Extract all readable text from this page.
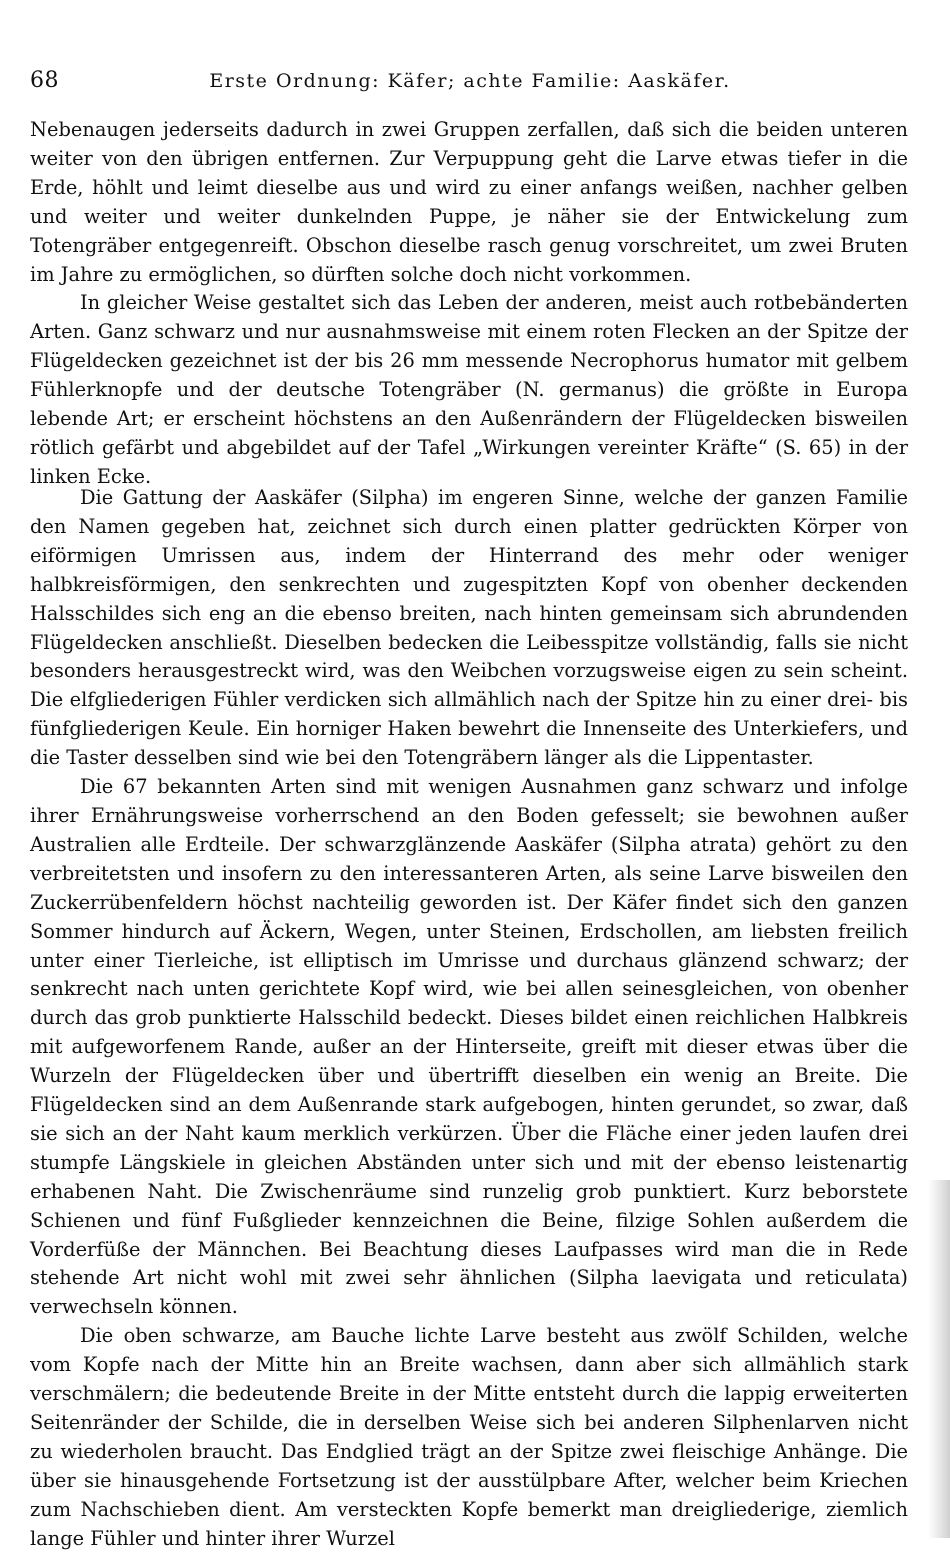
68	Erste Ordnung: Käfer; achte Familie: Aaskäfer.

Nebenaugen jederseits dadurch in zwei Gruppen zerfallen, daß sich die beiden unteren weiter von den übrigen entfernen. Zur Verpuppung geht die Larve etwas tiefer in die Erde, höhlt und leimt dieselbe aus und wird zu einer anfangs weißen, nachher gelben und weiter und weiter dunkelnden Puppe, je näher sie der Entwickelung zum Totengräber entgegenreift. Obschon dieselbe rasch genug vorschreitet, um zwei Bruten im Jahre zu ermöglichen, so dürften solche doch nicht vorkommen.

In gleicher Weise gestaltet sich das Leben der anderen, meist auch rotbebänderten Arten. Ganz schwarz und nur ausnahmsweise mit einem roten Flecken an der Spitze der Flügeldecken gezeichnet ist der bis 26 mm messende Necrophorus humator mit gelbem Fühlerknopfe und der deutsche Totengräber (N. germanus) die größte in Europa lebende Art; er erscheint höchstens an den Außenrändern der Flügeldecken bisweilen rötlich gefärbt und abgebildet auf der Tafel „Wirkungen vereinter Kräfte“ (S. 65) in der linken Ecke.

Die Gattung der Aaskäfer (Silpha) im engeren Sinne, welche der ganzen Familie den Namen gegeben hat, zeichnet sich durch einen platter gedrückten Körper von eiförmigen Umrissen aus, indem der Hinterrand des mehr oder weniger halbkreisförmigen, den senkrechten und zugespitzten Kopf von obenher deckenden Halsschildes sich eng an die ebenso breiten, nach hinten gemeinsam sich abrundenden Flügeldecken anschließt. Dieselben bedecken die Leibesspitze vollständig, falls sie nicht besonders herausgestreckt wird, was den Weibchen vorzugsweise eigen zu sein scheint. Die elfgliederigen Fühler verdicken sich allmählich nach der Spitze hin zu einer drei- bis fünfgliederigen Keule. Ein horniger Haken bewehrt die Innenseite des Unterkiefers, und die Taster desselben sind wie bei den Totengräbern länger als die Lippentaster.

Die 67 bekannten Arten sind mit wenigen Ausnahmen ganz schwarz und infolge ihrer Ernährungsweise vorherrschend an den Boden gefesselt; sie bewohnen außer Australien alle Erdteile. Der schwarzglänzende Aaskäfer (Silpha atrata) gehört zu den verbreitetsten und insofern zu den interessanteren Arten, als seine Larve bisweilen den Zuckerrübenfeldern höchst nachteilig geworden ist. Der Käfer findet sich den ganzen Sommer hindurch auf Äckern, Wegen, unter Steinen, Erdschollen, am liebsten freilich unter einer Tierleiche, ist elliptisch im Umrisse und durchaus glänzend schwarz; der senkrecht nach unten gerichtete Kopf wird, wie bei allen seinesgleichen, von obenher durch das grob punktierte Halsschild bedeckt. Dieses bildet einen reichlichen Halbkreis mit aufgeworfenem Rande, außer an der Hinterseite, greift mit dieser etwas über die Wurzeln der Flügeldecken über und übertrifft dieselben ein wenig an Breite. Die Flügeldecken sind an dem Außenrande stark aufgebogen, hinten gerundet, so zwar, daß sie sich an der Naht kaum merklich verkürzen. Über die Fläche einer jeden laufen drei stumpfe Längskiele in gleichen Abständen unter sich und mit der ebenso leistenartig erhabenen Naht. Die Zwischenräume sind runzelig grob punktiert. Kurz beborstete Schienen und fünf Fußglieder kennzeichnen die Beine, filzige Sohlen außerdem die Vorderfüße der Männchen. Bei Beachtung dieses Laufpasses wird man die in Rede stehende Art nicht wohl mit zwei sehr ähnlichen (Silpha laevigata und reticulata) verwechseln können.

Die oben schwarze, am Bauche lichte Larve besteht aus zwölf Schilden, welche vom Kopfe nach der Mitte hin an Breite wachsen, dann aber sich allmählich stark verschmälern; die bedeutende Breite in der Mitte entsteht durch die lappig erweiterten Seitenränder der Schilde, die in derselben Weise sich bei anderen Silphenlarven nicht zu wiederholen braucht. Das Endglied trägt an der Spitze zwei fleischige Anhänge. Die über sie hinausgehende Fortsetzung ist der ausstülpbare After, welcher beim Kriechen zum Nachschieben dient. Am versteckten Kopfe bemerkt man dreigliederige, ziemlich lange Fühler und hinter ihrer Wurzel
